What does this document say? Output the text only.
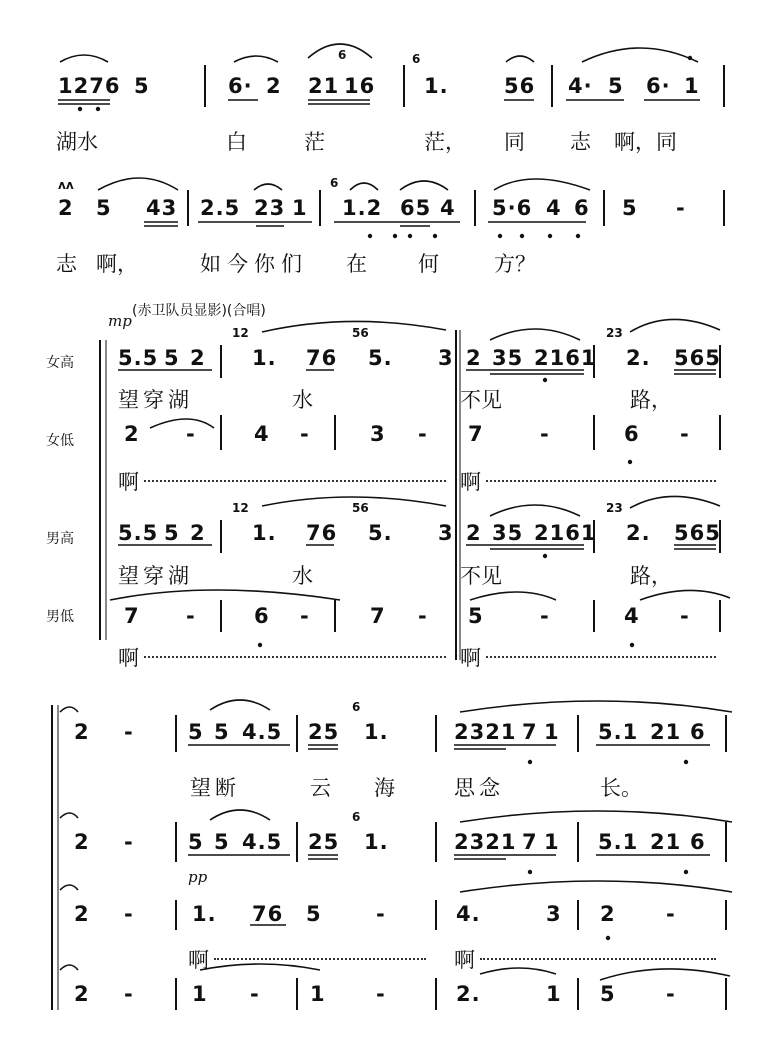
1276 5	6· 2 21
6
16
6
1.	56 4· 5 6· 1
湖水	白	茫	茫， 同 志 啊，同
ʌʌ
2 5 43 2.5 23 1
6
1.2 65 4 5·6 4 6 5 -
志 啊，	如今你们 在 何	方？
mp
(赤卫队员显影)(合唱)
女高 5.5 5 2
12
1. 76
56
5. 3 2 35 2161
23
2. 565
望穿湖	水	不见	路，
女低 2 -	4 -	3 - 7	-	6 -
啊	啊
男高 5.5 5 2
12
1. 76
56
5. 3 2 35 2161
23
2. 565
望穿湖	水	不见	路，
男低 7 -	6 -	7 - 5	-	4 -
啊	啊
2 -	5 5 4.5 25
6
1.	2321 7 1 5.1 21 6
望断	云 海	思念	长。
2 -	5 5 4.5 25
6
1.	2321 7 1 5.1 21 6
pp
2 -	1. 76 5	-	4.	3 2 -
啊	啊
2 -	1 - 1 -	2.	1 5 -
